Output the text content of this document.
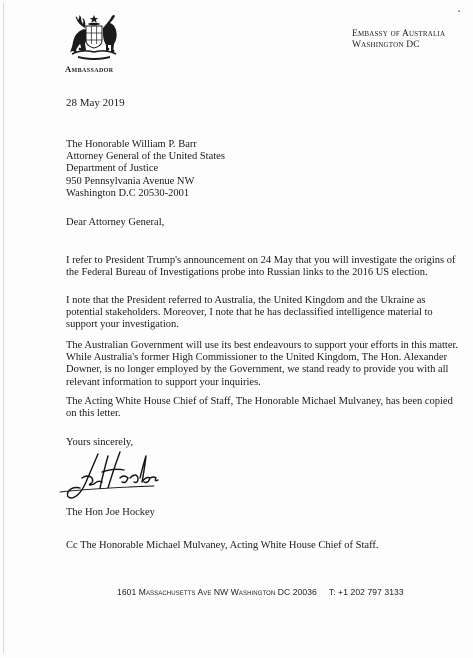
Ambassador
Embassy of Australia
Washington DC
28 May 2019
The Honorable William P. Barr
Attorney General of the United States
Department of Justice
950 Pennsylvania Avenue NW
Washington D.C 20530-2001
Dear Attorney General,
I refer to President Trump's announcement on 24 May that you will investigate the origins of the Federal Bureau of Investigations probe into Russian links to the 2016 US election.
I note that the President referred to Australia, the United Kingdom and the Ukraine as potential stakeholders. Moreover, I note that he has declassified intelligence material to support your investigation.
The Australian Government will use its best endeavours to support your efforts in this matter. While Australia's former High Commissioner to the United Kingdom, The Hon. Alexander Downer, is no longer employed by the Government, we stand ready to provide you with all relevant information to support your inquiries.
The Acting White House Chief of Staff, The Honorable Michael Mulvaney, has been copied on this letter.
Yours sincerely,
The Hon Joe Hockey
Cc The Honorable Michael Mulvaney, Acting White House Chief of Staff.
1601 Massachusetts Ave NW Washington DC 20036 T: +1 202 797 3133
